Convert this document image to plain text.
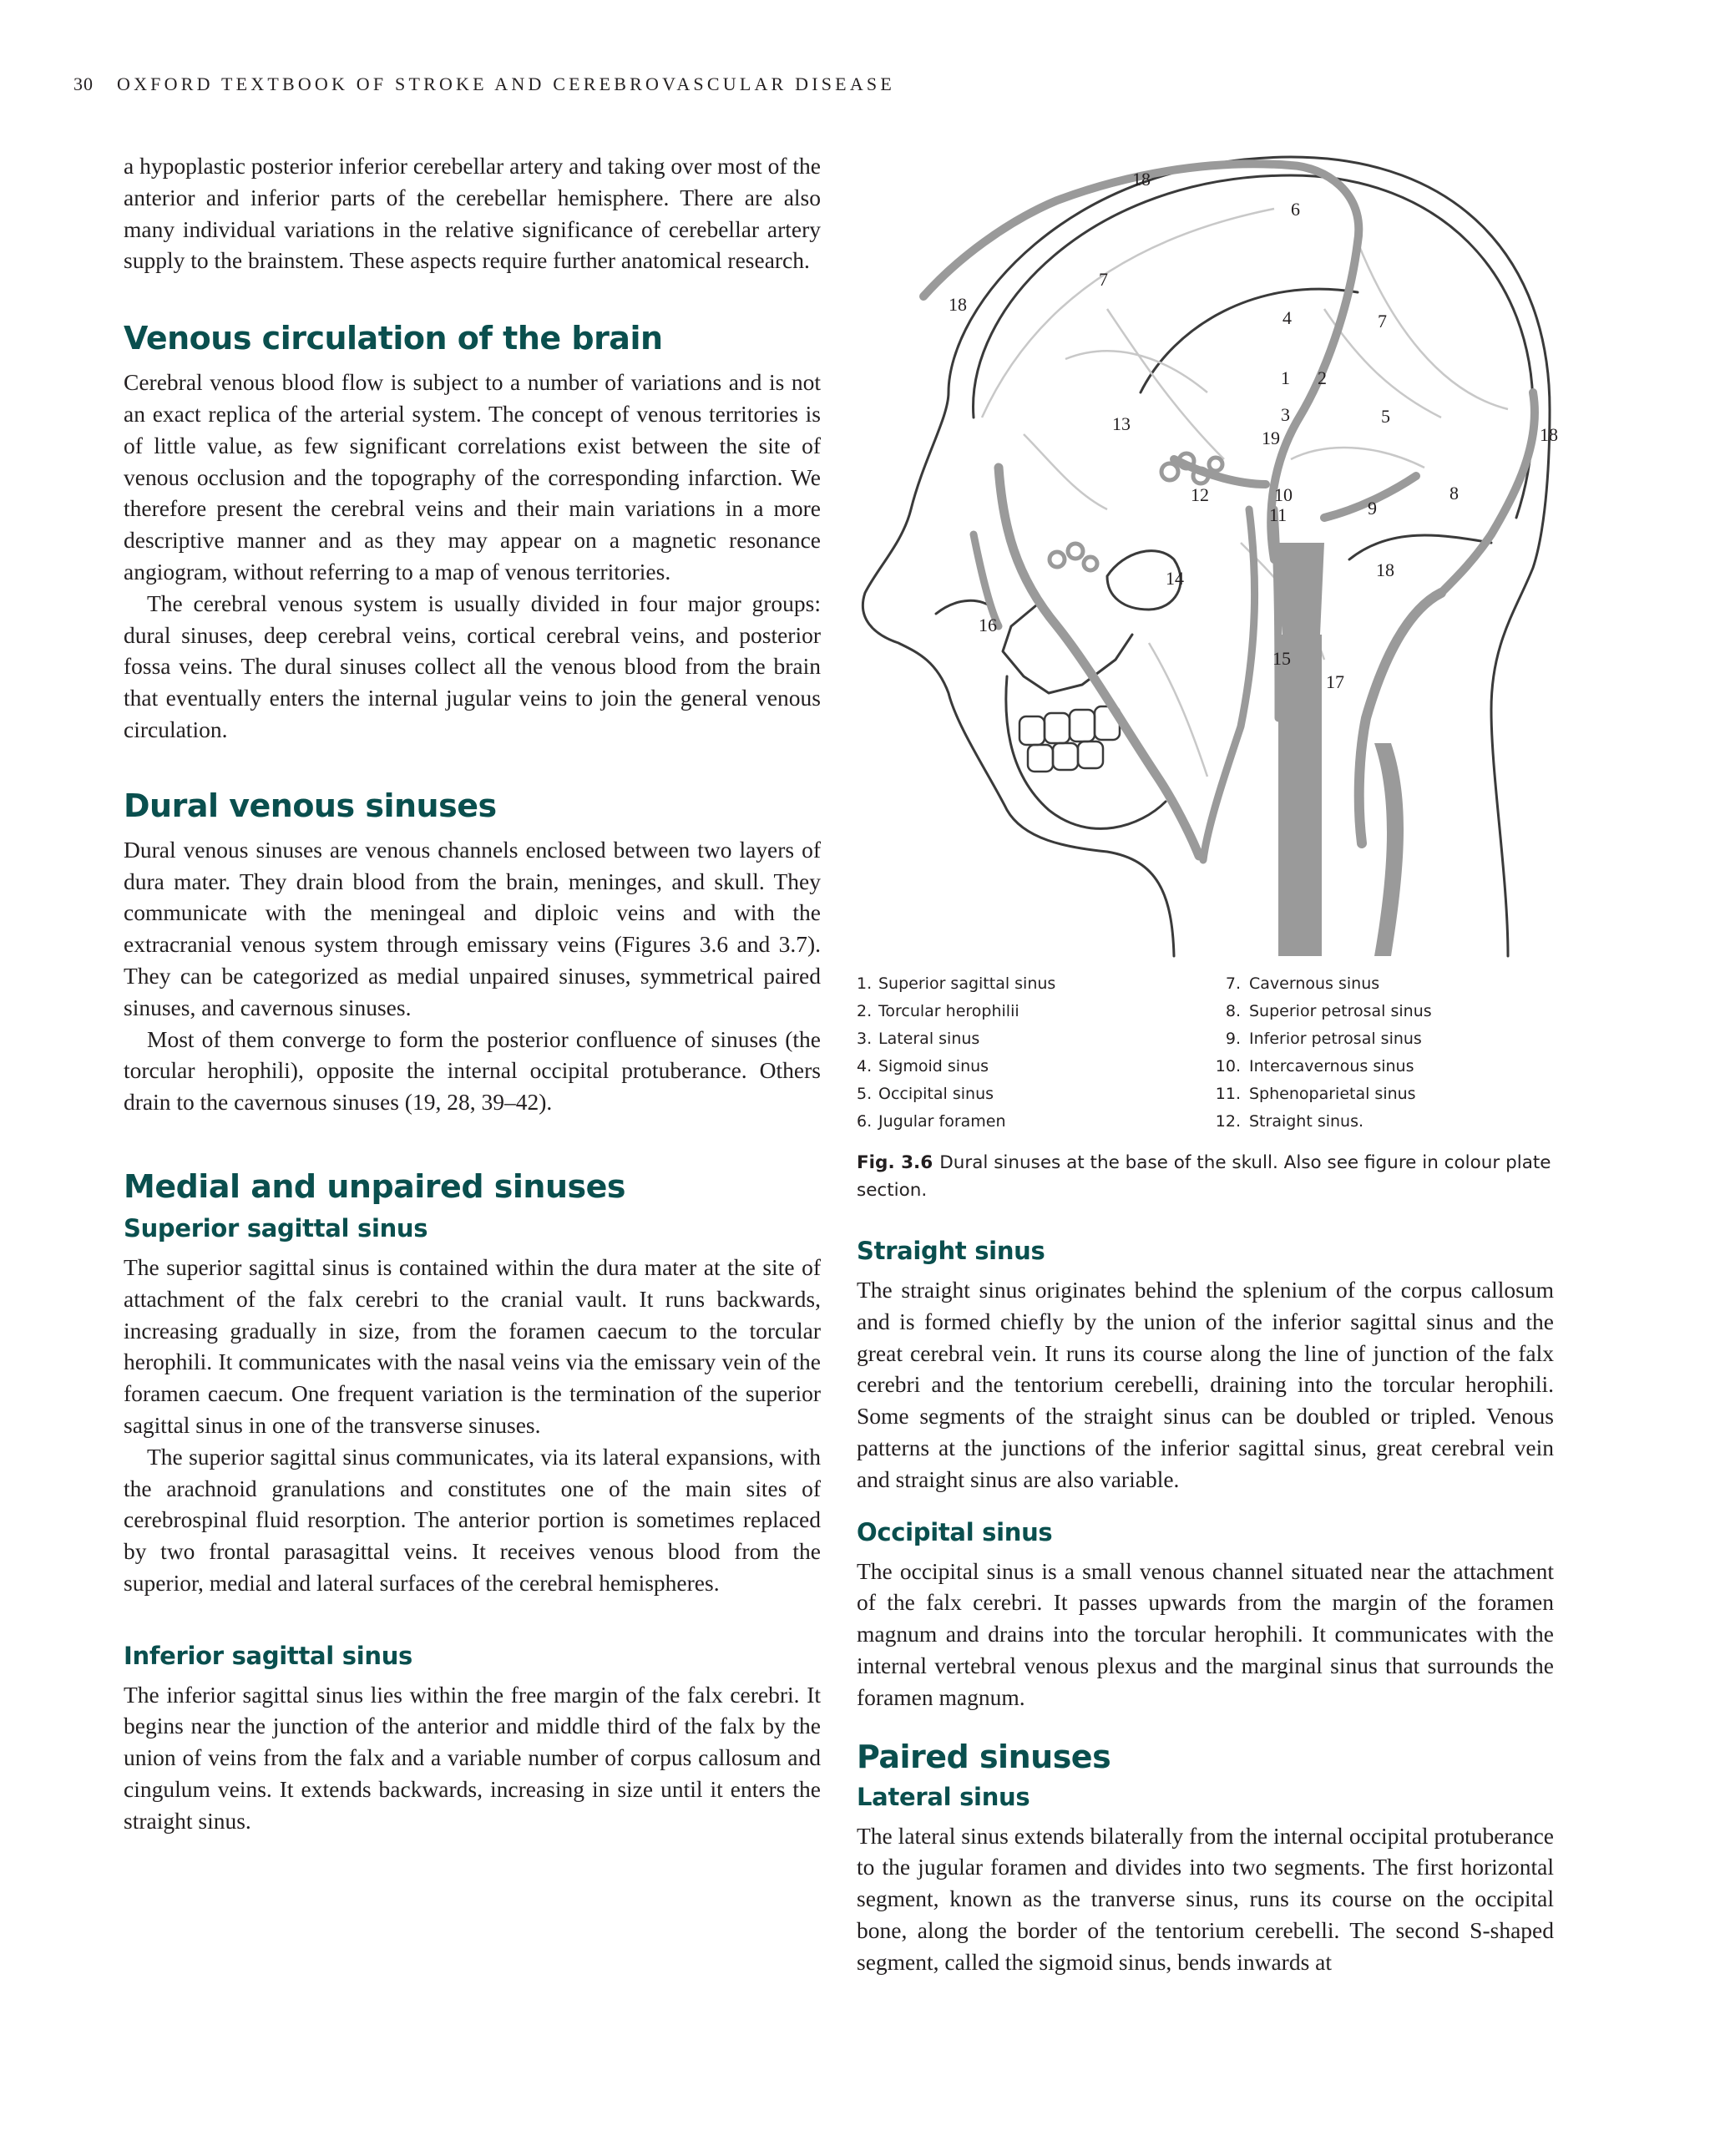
30 OXFORD TEXTBOOK OF STROKE AND CEREBROVASCULAR DISEASE

a hypoplastic posterior inferior cerebellar artery and taking over most of the anterior and inferior parts of the cerebellar hemisphere. There are also many individual variations in the relative significance of cerebellar artery supply to the brainstem. These aspects require further anatomical research.

Venous circulation of the brain

Cerebral venous blood flow is subject to a number of variations and is not an exact replica of the arterial system. The concept of venous territories is of little value, as few significant correlations exist between the site of venous occlusion and the topography of the corresponding infarction. We therefore present the cerebral veins and their main variations in a more descriptive manner and as they may appear on a magnetic resonance angiogram, without referring to a map of venous territories.

The cerebral venous system is usually divided in four major groups: dural sinuses, deep cerebral veins, cortical cerebral veins, and posterior fossa veins. The dural sinuses collect all the venous blood from the brain that eventually enters the internal jugular veins to join the general venous circulation.

Dural venous sinuses

Dural venous sinuses are venous channels enclosed between two layers of dura mater. They drain blood from the brain, meninges, and skull. They communicate with the meningeal and diploic veins and with the extracranial venous system through emissary veins (Figures 3.6 and 3.7). They can be categorized as medial unpaired sinuses, symmetrical paired sinuses, and cavernous sinuses.

Most of them converge to form the posterior confluence of sinuses (the torcular herophili), opposite the internal occipital protuberance. Others drain to the cavernous sinuses (19, 28, 39–42).

Medial and unpaired sinuses
Superior sagittal sinus

The superior sagittal sinus is contained within the dura mater at the site of attachment of the falx cerebri to the cranial vault. It runs backwards, increasing gradually in size, from the foramen caecum to the torcular herophili. It communicates with the nasal veins via the emissary vein of the foramen caecum. One frequent variation is the termination of the superior sagittal sinus in one of the transverse sinuses.

The superior sagittal sinus communicates, via its lateral expansions, with the arachnoid granulations and constitutes one of the main sites of cerebrospinal fluid resorption. The anterior portion is sometimes replaced by two frontal parasagittal veins. It receives venous blood from the superior, medial and lateral surfaces of the cerebral hemispheres.

Inferior sagittal sinus

The inferior sagittal sinus lies within the free margin of the falx cerebri. It begins near the junction of the anterior and middle third of the falx by the union of veins from the falx and a variable number of corpus callosum and cingulum veins. It extends backwards, increasing in size until it enters the straight sinus.

18
6
7
18
4	7
1 2
3	5
13
19	18
12	10
11	9
8
18
14
16
15
17
1. Superior sagittal sinus
2. Torcular herophilii
3. Lateral sinus
4. Sigmoid sinus
5. Occipital sinus
6. Jugular foramen
7. Cavernous sinus
8. Superior petrosal sinus
9. Inferior petrosal sinus
10. Intercavernous sinus
11. Sphenoparietal sinus
12. Straight sinus.
Fig. 3.6 Dural sinuses at the base of the skull. Also see figure in colour plate section.
Straight sinus

The straight sinus originates behind the splenium of the corpus callosum and is formed chiefly by the union of the inferior sagittal sinus and the great cerebral vein. It runs its course along the line of junction of the falx cerebri and the tentorium cerebelli, draining into the torcular herophili. Some segments of the straight sinus can be doubled or tripled. Venous patterns at the junctions of the inferior sagittal sinus, great cerebral vein and straight sinus are also variable.

Occipital sinus

The occipital sinus is a small venous channel situated near the attachment of the falx cerebri. It passes upwards from the margin of the foramen magnum and drains into the torcular herophili. It communicates with the internal vertebral venous plexus and the marginal sinus that surrounds the foramen magnum.

Paired sinuses
Lateral sinus

The lateral sinus extends bilaterally from the internal occipital protuberance to the jugular foramen and divides into two segments. The first horizontal segment, known as the tranverse sinus, runs its course on the occipital bone, along the border of the tentorium cerebelli. The second S-shaped segment, called the sigmoid sinus, bends inwards at
